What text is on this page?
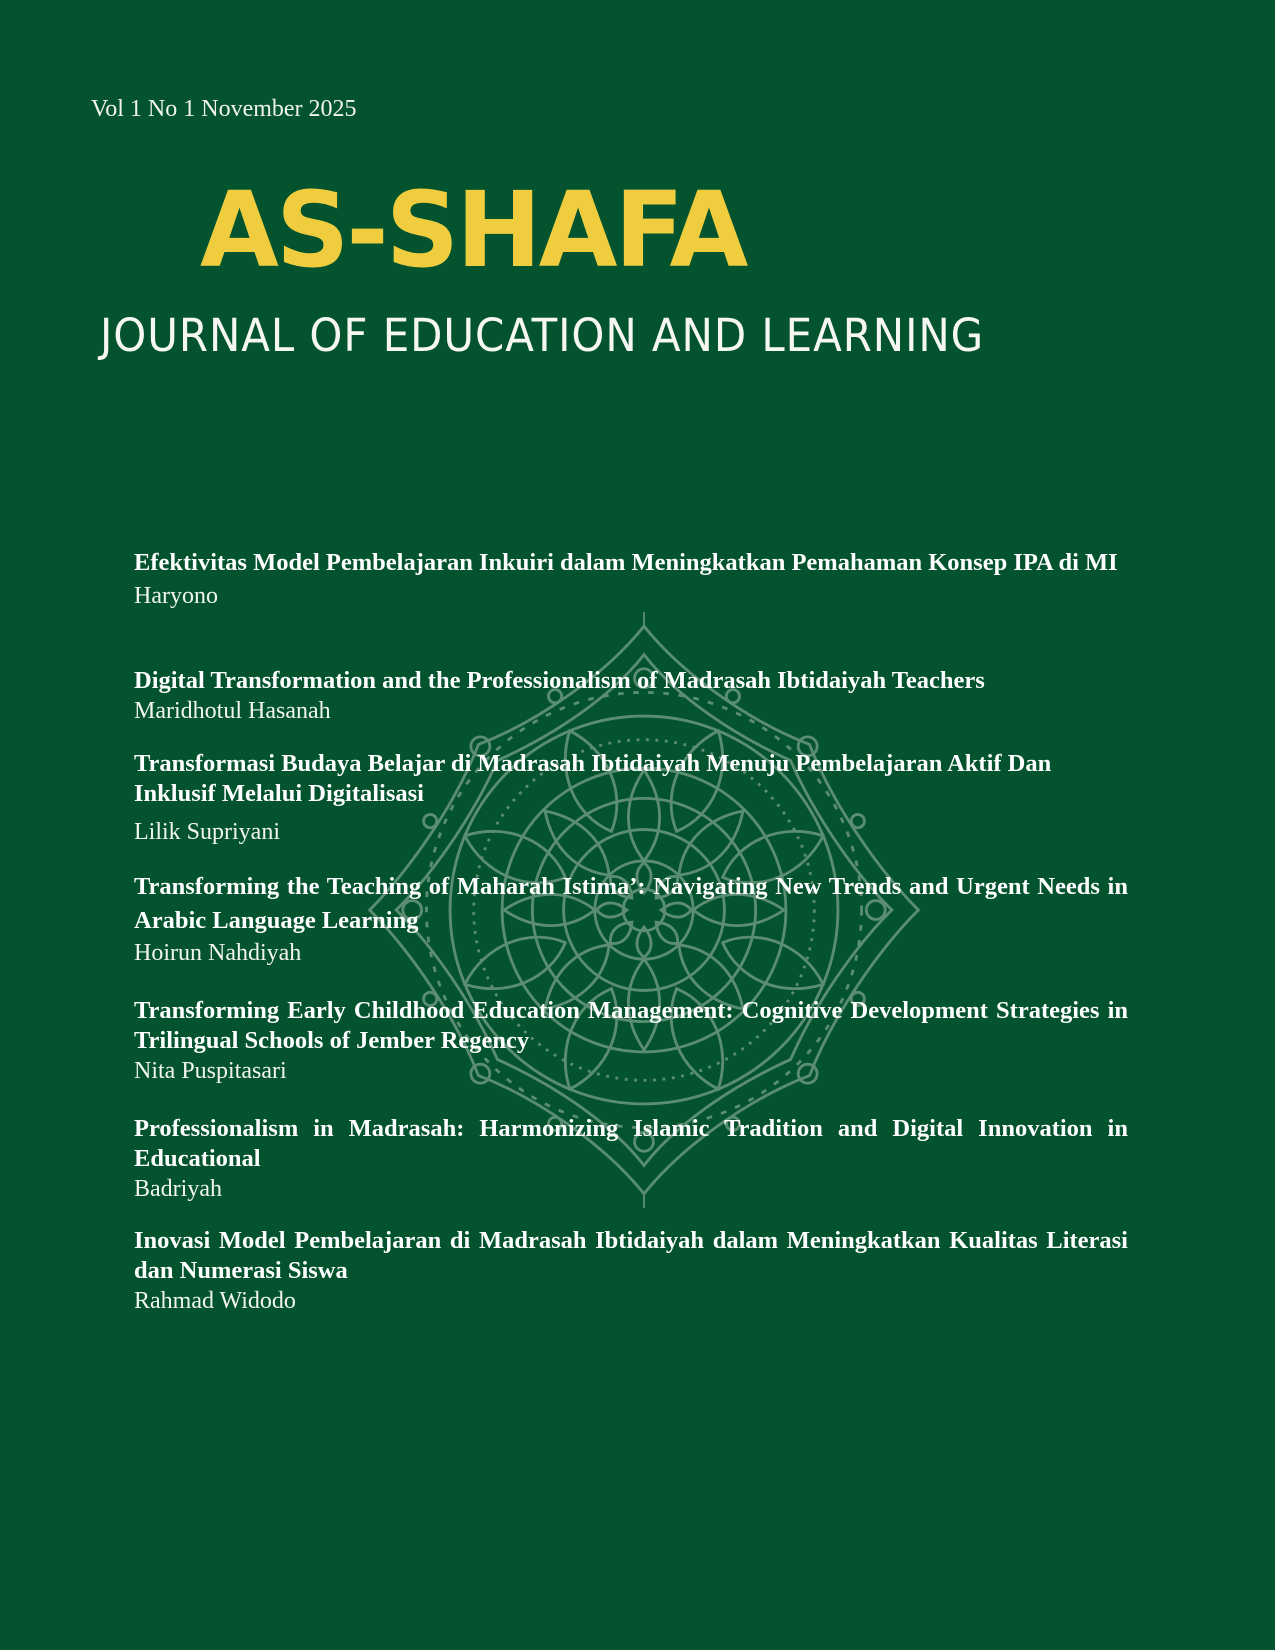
Vol 1 No 1 November 2025
AS-SHAFA
JOURNAL OF EDUCATION AND LEARNING

Efektivitas Model Pembelajaran Inkuiri dalam Meningkatkan Pemahaman Konsep IPA di MI

Haryono

Digital Transformation and the Professionalism of Madrasah Ibtidaiyah Teachers

Maridhotul Hasanah

Transformasi Budaya Belajar di Madrasah Ibtidaiyah Menuju Pembelajaran Aktif Dan Inklusif Melalui Digitalisasi

Lilik Supriyani

Transforming the Teaching of Maharah Istima’: Navigating New Trends and Urgent Needs in Arabic Language Learning

Hoirun Nahdiyah

Transforming Early Childhood Education Management: Cognitive Development Strategies in Trilingual Schools of Jember Regency

Nita Puspitasari

Professionalism in Madrasah: Harmonizing Islamic Tradition and Digital Innovation in Educational

Badriyah

Inovasi Model Pembelajaran di Madrasah Ibtidaiyah dalam Meningkatkan Kualitas Literasi dan Numerasi Siswa

Rahmad Widodo
